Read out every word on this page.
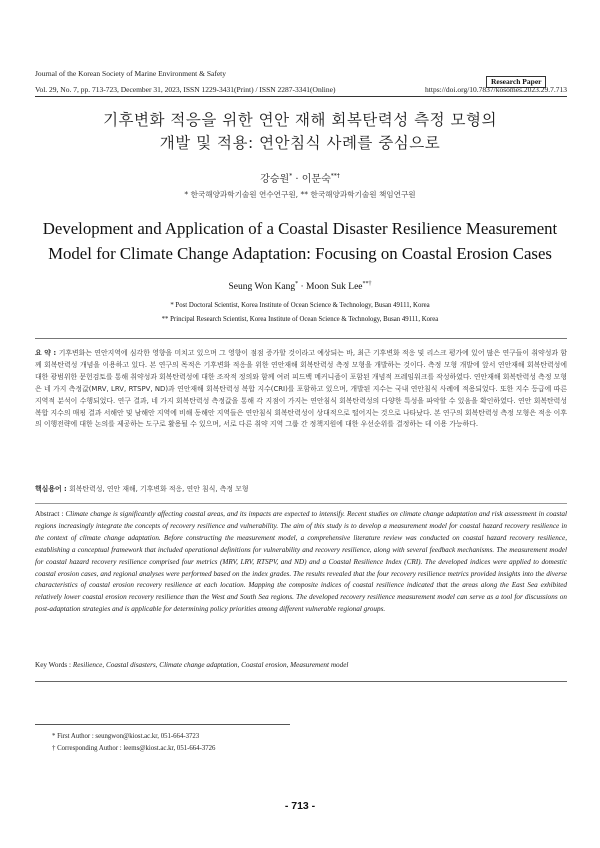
Journal of the Korean Society of Marine Environment & Safety
Research Paper
Vol. 29, No. 7, pp. 713-723, December 31, 2023, ISSN 1229-3431(Print) / ISSN 2287-3341(Online)	https://doi.org/10.7837/kosomes.2023.29.7.713
기후변화 적응을 위한 연안 재해 회복탄력성 측정 모형의
개발 및 적용: 연안침식 사례를 중심으로
강승원* · 이문숙**†
* 한국해양과학기술원 연수연구원, ** 한국해양과학기술원 책임연구원
Development and Application of a Coastal Disaster Resilience Measurement
Model for Climate Change Adaptation: Focusing on Coastal Erosion Cases
Seung Won Kang* · Moon Suk Lee**†
* Post Doctoral Scientist, Korea Institute of Ocean Science & Technology, Busan 49111, Korea
** Principal Research Scientist, Korea Institute of Ocean Science & Technology, Busan 49111, Korea
요 약 : 기후변화는 연안지역에 심각한 영향을 미치고 있으며 그 영향이 점점 증가할 것이라고 예상되는 바, 최근 기후변화 적응 및 리스크 평가에 있어 많은 연구들이 취약성과 함께 회복탄력성 개념을 이용하고 있다. 본 연구의 목적은 기후변화 적응을 위한 연안재해 회복탄력성 측정 모형을 개발하는 것이다. 측정 모형 개발에 앞서 연안재해 회복탄력성에 대한 광범위한 문헌검토를 통해 취약성과 회복탄력성에 대한 조작적 정의와 함께 여러 피드백 메커니즘이 포함된 개념적 프레임워크를 작성하였다. 연안재해 회복탄력성 측정 모형은 네 가지 측정값(MRV, LRV, RTSPV, ND)과 연안재해 회복탄력성 복합 지수(CRI)를 포함하고 있으며, 개발된 지수는 국내 연안침식 사례에 적용되었다. 또한 지수 등급에 따른 지역적 분석이 수행되었다. 연구 결과, 네 가지 회복탄력성 측정값을 통해 각 지점이 가지는 연안침식 회복탄력성의 다양한 특성을 파악할 수 있음을 확인하였다. 연안 회복탄력성 복합 지수의 매핑 결과 서해안 및 남해안 지역에 비해 동해안 지역들은 연안침식 회복탄력성이 상대적으로 떨어지는 것으로 나타났다. 본 연구의 회복탄력성 측정 모형은 적응 이후의 이행전략에 대한 논의를 제공하는 도구로 활용될 수 있으며, 서로 다른 취약 지역 그룹 간 정책지원에 대한 우선순위를 결정하는 데 이용 가능하다.
핵심용어 : 회복탄력성, 연안 재해, 기후변화 적응, 연안 침식, 측정 모형
Abstract : Climate change is significantly affecting coastal areas, and its impacts are expected to intensify. Recent studies on climate change adaptation and risk assessment in coastal regions increasingly integrate the concepts of recovery resilience and vulnerability. The aim of this study is to develop a measurement model for coastal hazard recovery resilience in the context of climate change adaptation. Before constructing the measurement model, a comprehensive literature review was conducted on coastal hazard recovery resilience, establishing a conceptual framework that included operational definitions for vulnerability and recovery resilience, along with several feedback mechanisms. The measurement model for coastal hazard recovery resilience comprised four metrics (MRV, LRV, RTSPV, and ND) and a Coastal Resilience Index (CRI). The developed indices were applied to domestic coastal erosion cases, and regional analyses were performed based on the index grades. The results revealed that the four recovery resilience metrics provided insights into the diverse characteristics of coastal erosion recovery resilience at each location. Mapping the composite indices of coastal resilience indicated that the areas along the East Sea exhibited relatively lower coastal erosion recovery resilience than the West and South Sea regions. The developed recovery resilience measurement model can serve as a tool for discussions on post-adaptation strategies and is applicable for determining policy priorities among different vulnerable regional groups.
Key Words : Resilience, Coastal disasters, Climate change adaptation, Coastal erosion, Measurement model
* First Author : seungwon@kiost.ac.kr, 051-664-3723
† Corresponding Author : leems@kiost.ac.kr, 051-664-3726
- 713 -
